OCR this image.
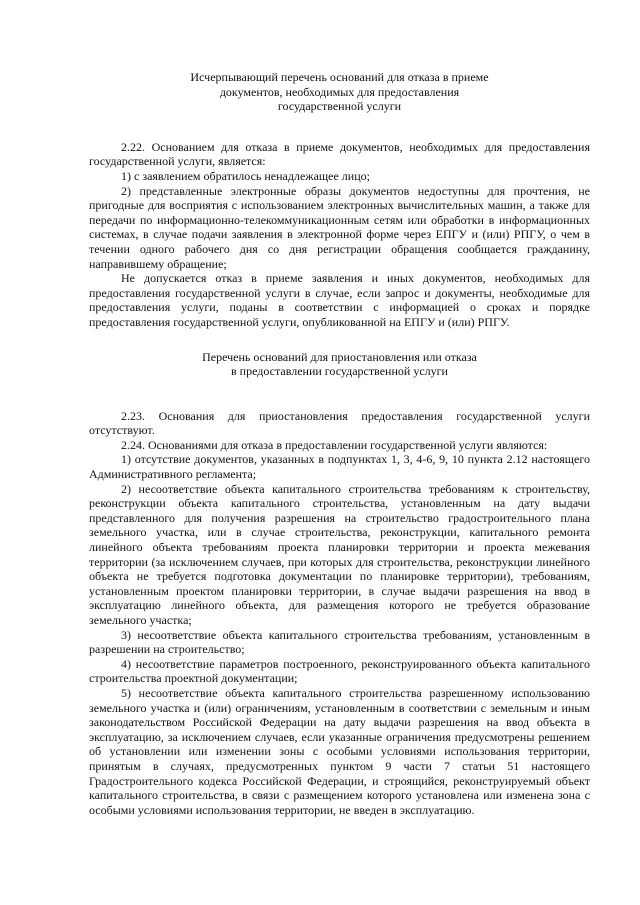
Исчерпывающий перечень оснований для отказа в приеме
документов, необходимых для предоставления
государственной услуги

2.22. Основанием для отказа в приеме документов, необходимых для предоставления государственной услуги, является:

1) с заявлением обратилось ненадлежащее лицо;

2) представленные электронные образы документов недоступны для прочтения, не пригодные для восприятия с использованием электронных вычислительных машин, а также для передачи по информационно-телекоммуникационным сетям или обработки в информационных системах, в случае подачи заявления в электронной форме через ЕПГУ и (или) РПГУ, о чем в течении одного рабочего дня со дня регистрации обращения сообщается гражданину, направившему обращение;

Не допускается отказ в приеме заявления и иных документов, необходимых для предоставления государственной услуги в случае, если запрос и документы, необходимые для предоставления услуги, поданы в соответствии с информацией о сроках и порядке предоставления государственной услуги, опубликованной на ЕПГУ и (или) РПГУ.

Перечень оснований для приостановления или отказа
в предоставлении государственной услуги

2.23. Основания для приостановления предоставления государственной услуги отсутствуют.

2.24. Основаниями для отказа в предоставлении государственной услуги являются:

1) отсутствие документов, указанных в подпунктах 1, 3, 4-6, 9, 10 пункта 2.12 настоящего Административного регламента;

2) несоответствие объекта капитального строительства требованиям к строительству, реконструкции объекта капитального строительства, установленным на дату выдачи представленного для получения разрешения на строительство градостроительного плана земельного участка, или в случае строительства, реконструкции, капитального ремонта линейного объекта требованиям проекта планировки территории и проекта межевания территории (за исключением случаев, при которых для строительства, реконструкции линейного объекта не требуется подготовка документации по планировке территории), требованиям, установленным проектом планировки территории, в случае выдачи разрешения на ввод в эксплуатацию линейного объекта, для размещения которого не требуется образование земельного участка;

3) несоответствие объекта капитального строительства требованиям, установленным в разрешении на строительство;

4) несоответствие параметров построенного, реконструированного объекта капитального строительства проектной документации;

5) несоответствие объекта капитального строительства разрешенному использованию земельного участка и (или) ограничениям, установленным в соответствии с земельным и иным законодательством Российской Федерации на дату выдачи разрешения на ввод объекта в эксплуатацию, за исключением случаев, если указанные ограничения предусмотрены решением об установлении или изменении зоны с особыми условиями использования территории, принятым в случаях, предусмотренных пунктом 9 части 7 статьи 51 настоящего Градостроительного кодекса Российской Федерации, и строящийся, реконструируемый объект капитального строительства, в связи с размещением которого установлена или изменена зона с особыми условиями использования территории, не введен в эксплуатацию.
